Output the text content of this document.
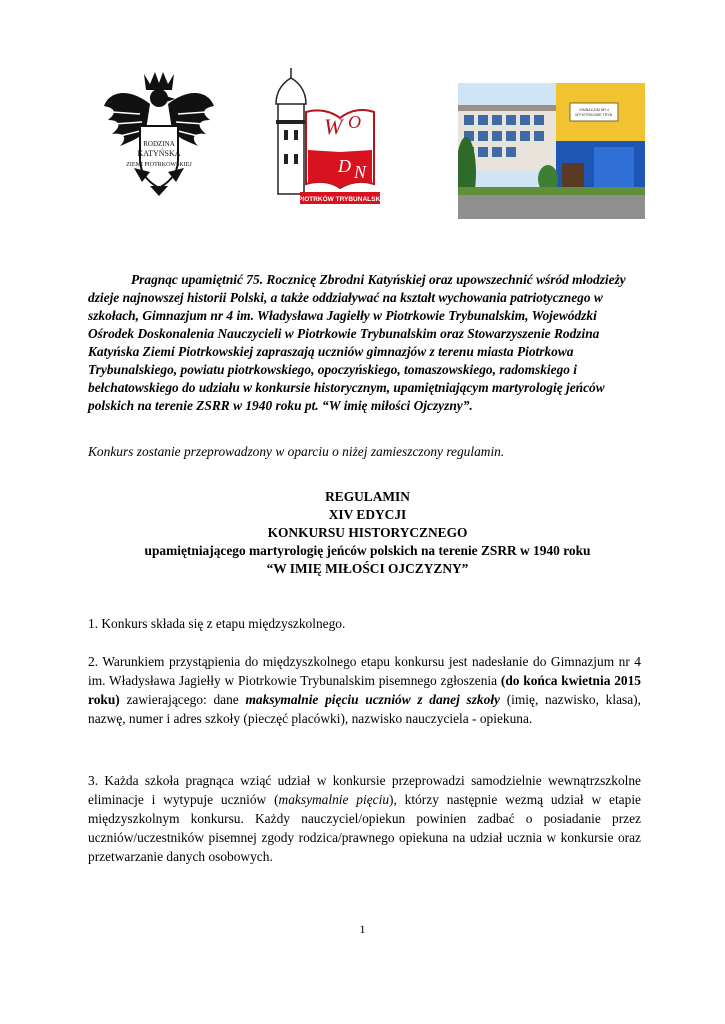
RODZINA
KATYŃSKA
ZIEMI PIOTRKOWSKIEJ
W O
D N
PIOTRKÓW TRYBUNALSKI
GIMNAZJUM NR 4
W PIOTRKOWIE TRYB.

Pragnąc upamiętnić 75. Rocznicę Zbrodni Katyńskiej oraz upowszechnić wśród młodzieży dzieje najnowszej historii Polski, a także oddziaływać na kształt wychowania patriotycznego w szkołach, Gimnazjum nr 4 im. Władysława Jagiełły w Piotrkowie Trybunalskim, Wojewódzki Ośrodek Doskonalenia Nauczycieli w Piotrkowie Trybunalskim oraz Stowarzyszenie Rodzina Katyńska Ziemi Piotrkowskiej zapraszają uczniów gimnazjów z terenu miasta Piotrkowa Trybunalskiego, powiatu piotrkowskiego, opoczyńskiego, tomaszowskiego, radomskiego i bełchatowskiego do udziału w konkursie historycznym, upamiętniającym martyrologię jeńców polskich na terenie ZSRR w 1940 roku pt. “W imię miłości Ojczyzny”.

Konkurs zostanie przeprowadzony w oparciu o niżej zamieszczony regulamin.

REGULAMIN
XIV EDYCJI
KONKURSU HISTORYCZNEGO
upamiętniającego martyrologię jeńców polskich na terenie ZSRR w 1940 roku
“W IMIĘ MIŁOŚCI OJCZYZNY”

1. Konkurs składa się z etapu międzyszkolnego.

2. Warunkiem przystąpienia do międzyszkolnego etapu konkursu jest nadesłanie do Gimnazjum nr 4 im. Władysława Jagiełły w Piotrkowie Trybunalskim pisemnego zgłoszenia (do końca kwietnia 2015 roku) zawierającego: dane maksymalnie pięciu uczniów z danej szkoły (imię, nazwisko, klasa), nazwę, numer i adres szkoły (pieczęć placówki), nazwisko nauczyciela - opiekuna.

3. Każda szkoła pragnąca wziąć udział w konkursie przeprowadzi samodzielnie wewnątrzszkolne eliminacje i wytypuje uczniów (maksymalnie pięciu), którzy następnie wezmą udział w etapie międzyszkolnym konkursu. Każdy nauczyciel/opiekun powinien zadbać o posiadanie przez uczniów/uczestników pisemnej zgody rodzica/prawnego opiekuna na udział ucznia w konkursie oraz przetwarzanie danych osobowych.

1
